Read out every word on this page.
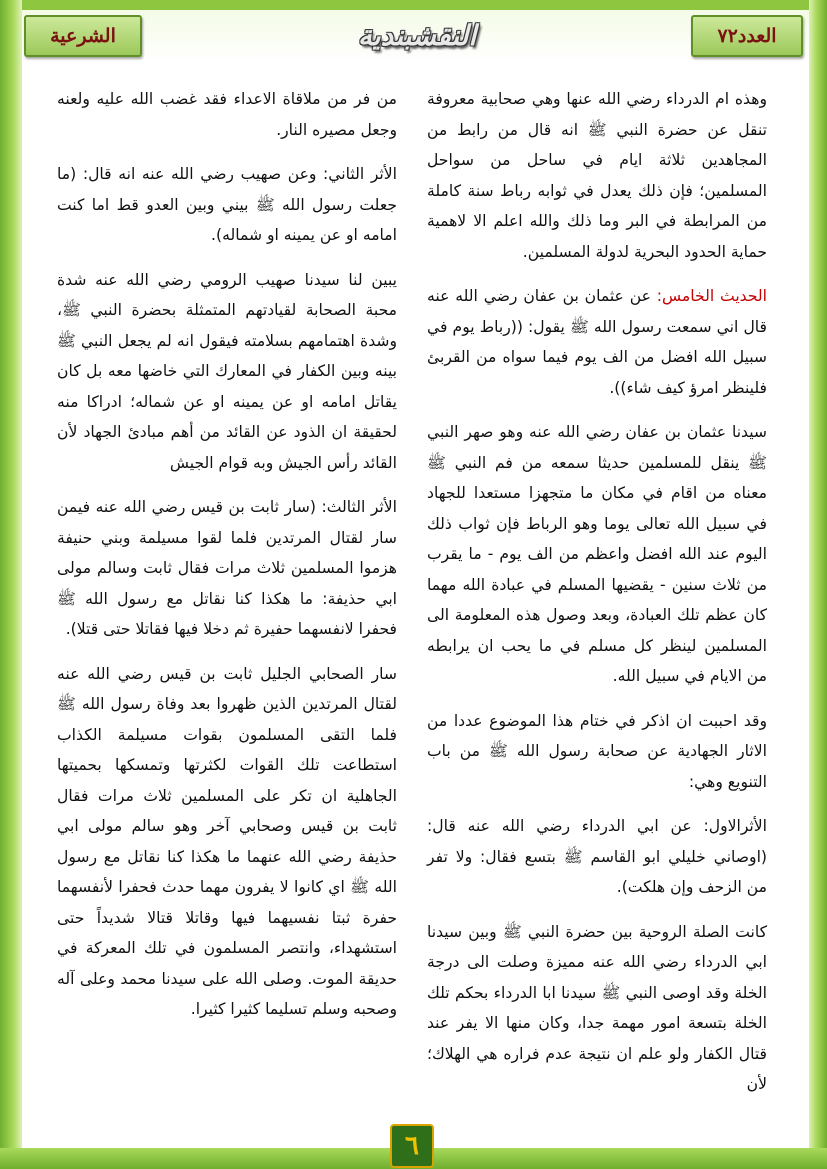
الشرعية	النقشبندية	العدد٧٢

وهذه ام الدرداء رضي الله عنها وهي صحابية معروفة تنقل عن حضرة النبي ﷺ انه قال من رابط من المجاهدين ثلاثة ايام في ساحل من سواحل المسلمين؛ فإن ذلك يعدل في ثوابه رباط سنة كاملة من المرابطة في البر وما ذلك والله اعلم الا لاهمية حماية الحدود البحرية لدولة المسلمين.

الحديث الخامس: عن عثمان بن عفان رضي الله عنه قال اني سمعت رسول الله ﷺ يقول: ((رباط يوم في سبيل الله افضل من الف يوم فيما سواه من القربئ فلينظر امرؤ كيف شاء)).

سيدنا عثمان بن عفان رضي الله عنه وهو صهر النبي ﷺ ينقل للمسلمين حديثا سمعه من فم النبي ﷺ معناه من اقام في مكان ما متجهزا مستعدا للجهاد في سبيل الله تعالى يوما وهو الرباط فإن ثواب ذلك اليوم عند الله افضل واعظم من الف يوم - ما يقرب من ثلاث سنين - يقضيها المسلم في عبادة الله مهما كان عظم تلك العبادة، وبعد وصول هذه المعلومة الى المسلمين لينظر كل مسلم في ما يحب ان يرابطه من الايام في سبيل الله.

وقد احببت ان اذكر في ختام هذا الموضوع عددا من الاثار الجهادية عن صحابة رسول الله ﷺ من باب التنويع وهي:

الأثرالاول: عن ابي الدرداء رضي الله عنه قال: (اوصاني خليلي ابو القاسم ﷺ بتسع فقال: ولا تفر من الزحف وإن هلكت).

كانت الصلة الروحية بين حضرة النبي ﷺ وبين سيدنا ابي الدرداء رضي الله عنه مميزة وصلت الى درجة الخلة وقد اوصى النبي ﷺ سيدنا ابا الدرداء بحكم تلك الخلة بتسعة امور مهمة جدا، وكان منها الا يفر عند قتال الكفار ولو علم ان نتيجة عدم فراره هي الهلاك؛ لأن

من فر من ملاقاة الاعداء فقد غضب الله عليه ولعنه وجعل مصيره النار.

الأثر الثاني: وعن صهيب رضي الله عنه انه قال: (ما جعلت رسول الله ﷺ بيني وبين العدو قط اما كنت امامه او عن يمينه او شماله).

يبين لنا سيدنا صهيب الرومي رضي الله عنه شدة محبة الصحابة لقيادتهم المتمثلة بحضرة النبي ﷺ، وشدة اهتمامهم بسلامته فيقول انه لم يجعل النبي ﷺ بينه وبين الكفار في المعارك التي خاضها معه بل كان يقاتل امامه او عن يمينه او عن شماله؛ ادراكا منه لحقيقة ان الذود عن القائد من أهم مبادئ الجهاد لأن القائد رأس الجيش وبه قوام الجيش

الأثر الثالث: (سار ثابت بن قيس رضي الله عنه فيمن سار لقتال المرتدين فلما لقوا مسيلمة وبني حنيفة هزموا المسلمين ثلاث مرات فقال ثابت وسالم مولى ابي حذيفة: ما هكذا كنا نقاتل مع رسول الله ﷺ فحفرا لانفسهما حفيرة ثم دخلا فيها فقاتلا حتى قتلا).

سار الصحابي الجليل ثابت بن قيس رضي الله عنه لقتال المرتدين الذين ظهروا بعد وفاة رسول الله ﷺ فلما التقى المسلمون بقوات مسيلمة الكذاب استطاعت تلك القوات لكثرتها وتمسكها بحميتها الجاهلية ان تكر على المسلمين ثلاث مرات فقال ثابت بن قيس وصحابي آخر وهو سالم مولى ابي حذيفة رضي الله عنهما ما هكذا كنا نقاتل مع رسول الله ﷺ اي كانوا لا يفرون مهما حدث فحفرا لأنفسهما حفرة ثبتا نفسيهما فيها وقاتلا قتالا شديداً حتى استشهداء، وانتصر المسلمون في تلك المعركة في حديقة الموت. وصلى الله على سيدنا محمد وعلى آله وصحبه وسلم تسليما كثيرا كثيرا.

٦
